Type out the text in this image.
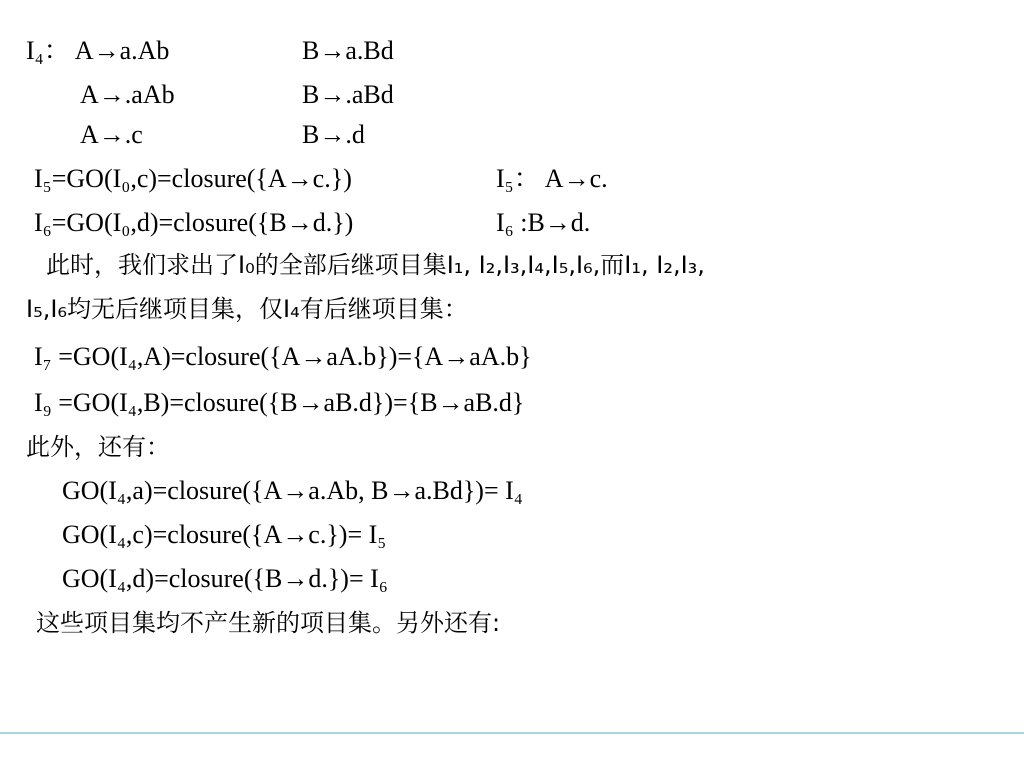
I₄： A→a.Ab	B→a.Bd
A→.aAb	B→.aBd
A→.c	B→.d
I₅=GO(I₀,c)=closure({A→c.})	I₅： A→c.
I₆=GO(I₀,d)=closure({B→d.})	I₆ :B→d.
此时，我们求出了I₀的全部后继项目集I₁, I₂,I₃,I₄,I₅,I₆,而I₁, I₂,I₃,
I₅,I₆均无后继项目集，仅I₄有后继项目集：
I₇ =GO(I₄,A)=closure({A→aA.b})={A→aA.b}
I₉ =GO(I₄,B)=closure({B→aB.d})={B→aB.d}
此外，还有：
GO(I₄,a)=closure({A→a.Ab, B→a.Bd})= I₄
GO(I₄,c)=closure({A→c.})= I₅
GO(I₄,d)=closure({B→d.})= I₆
这些项目集均不产生新的项目集。另外还有:
